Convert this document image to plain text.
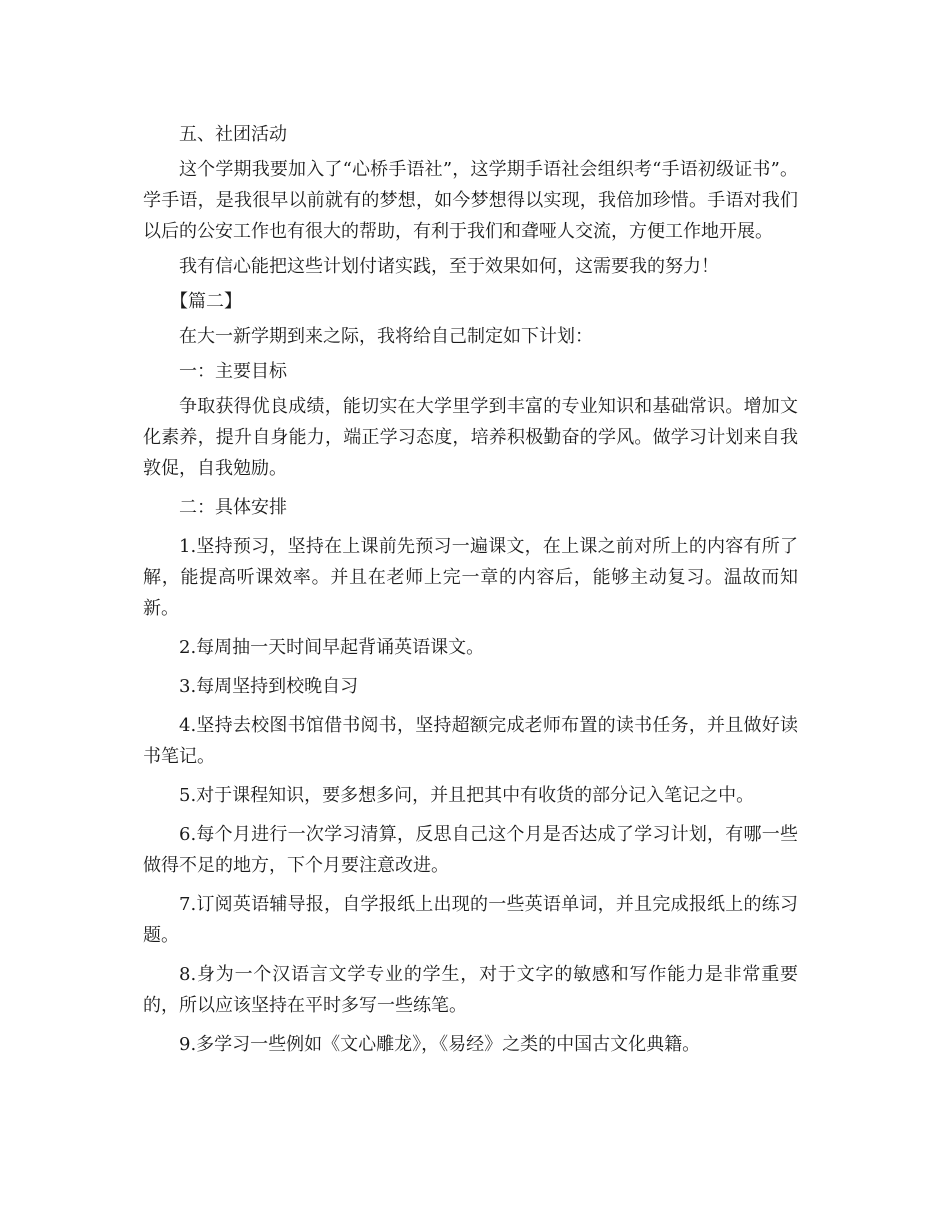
五、社团活动

这个学期我要加入了“心桥手语社”，这学期手语社会组织考“手语初级证书”。学手语，是我很早以前就有的梦想，如今梦想得以实现，我倍加珍惜。手语对我们以后的公安工作也有很大的帮助，有利于我们和聋哑人交流，方便工作地开展。

我有信心能把这些计划付诸实践，至于效果如何，这需要我的努力！

【篇二】

在大一新学期到来之际，我将给自己制定如下计划：

一：主要目标

争取获得优良成绩，能切实在大学里学到丰富的专业知识和基础常识。增加文化素养，提升自身能力，端正学习态度，培养积极勤奋的学风。做学习计划来自我敦促，自我勉励。

二：具体安排

1.坚持预习，坚持在上课前先预习一遍课文，在上课之前对所上的内容有所了解，能提高听课效率。并且在老师上完一章的内容后，能够主动复习。温故而知新。

2.每周抽一天时间早起背诵英语课文。

3.每周坚持到校晚自习

4.坚持去校图书馆借书阅书，坚持超额完成老师布置的读书任务，并且做好读书笔记。

5.对于课程知识，要多想多问，并且把其中有收货的部分记入笔记之中。

6.每个月进行一次学习清算，反思自己这个月是否达成了学习计划，有哪一些做得不足的地方，下个月要注意改进。

7.订阅英语辅导报，自学报纸上出现的一些英语单词，并且完成报纸上的练习题。

8.身为一个汉语言文学专业的学生，对于文字的敏感和写作能力是非常重要的，所以应该坚持在平时多写一些练笔。

9.多学习一些例如《文心雕龙》，《易经》之类的中国古文化典籍。
